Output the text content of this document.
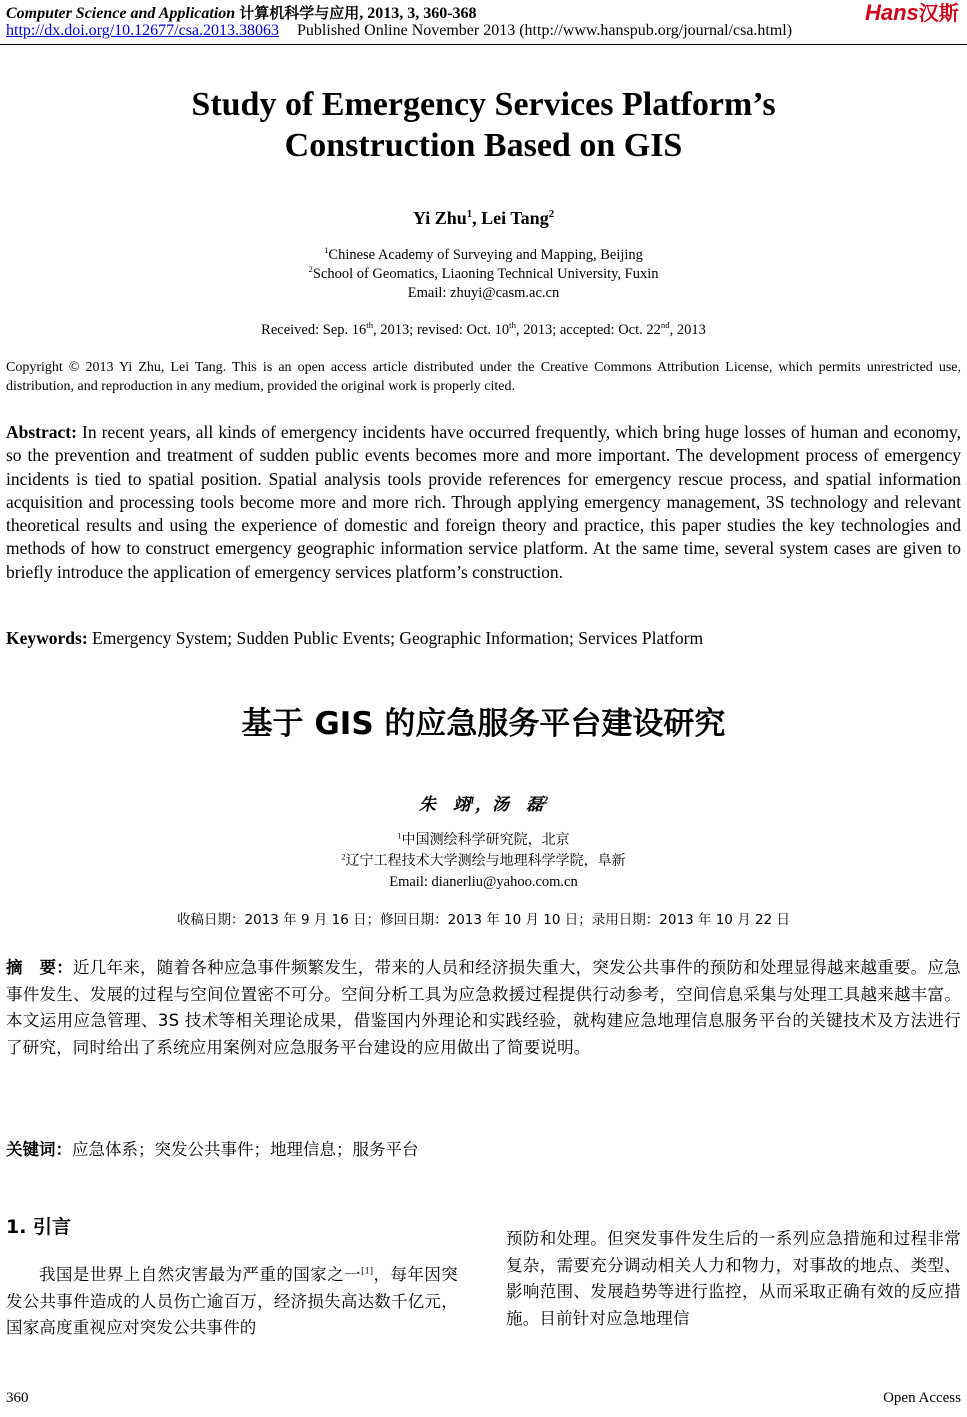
Computer Science and Application 计算机科学与应用, 2013, 3, 360-368	Hans汉斯
http://dx.doi.org/10.12677/csa.2013.38063 Published Online November 2013 (http://www.hanspub.org/journal/csa.html)
Study of Emergency Services Platform’s
Construction Based on GIS
Yi Zhu$^1$, Lei Tang$^2$
$^1$Chinese Academy of Surveying and Mapping, Beijing
$^2$School of Geomatics, Liaoning Technical University, Fuxin
Email: zhuyi@casm.ac.cn
Received: Sep. 16th, 2013; revised: Oct. 10th, 2013; accepted: Oct. 22nd, 2013
Copyright © 2013 Yi Zhu, Lei Tang. This is an open access article distributed under the Creative Commons Attribution License, which permits unrestricted use, distribution, and reproduction in any medium, provided the original work is properly cited.
Abstract: In recent years, all kinds of emergency incidents have occurred frequently, which bring huge losses of human and economy, so the prevention and treatment of sudden public events becomes more and more important. The development process of emergency incidents is tied to spatial position. Spatial analysis tools provide references for emergency rescue process, and spatial information acquisition and processing tools become more and more rich. Through applying emergency management, 3S technology and relevant theoretical results and using the experience of domestic and foreign theory and practice, this paper studies the key technologies and methods of how to construct emergency geographic information service platform. At the same time, several system cases are given to briefly introduce the application of emergency services platform’s construction.
Keywords: Emergency System; Sudden Public Events; Geographic Information; Services Platform
基于 GIS 的应急服务平台建设研究
朱　翊$^1$，汤　磊$^2$
$^1$中国测绘科学研究院，北京
$^2$辽宁工程技术大学测绘与地理科学学院，阜新
Email: dianerliu@yahoo.com.cn
收稿日期：2013 年 9 月 16 日；修回日期：2013 年 10 月 10 日；录用日期：2013 年 10 月 22 日
摘　要：近几年来，随着各种应急事件频繁发生，带来的人员和经济损失重大，突发公共事件的预防和处理显得越来越重要。应急事件发生、发展的过程与空间位置密不可分。空间分析工具为应急救援过程提供行动参考，空间信息采集与处理工具越来越丰富。本文运用应急管理、3S 技术等相关理论成果，借鉴国内外理论和实践经验，就构建应急地理信息服务平台的关键技术及方法进行了研究，同时给出了系统应用案例对应急服务平台建设的应用做出了简要说明。
关键词：应急体系；突发公共事件；地理信息；服务平台
1. 引言
我国是世界上自然灾害最为严重的国家之一[1]，每年因突发公共事件造成的人员伤亡逾百万，经济损失高达数千亿元，国家高度重视应对突发公共事件的
预防和处理。但突发事件发生后的一系列应急措施和过程非常复杂，需要充分调动相关人力和物力，对事故的地点、类型、影响范围、发展趋势等进行监控，从而采取正确有效的反应措施。目前针对应急地理信
360	Open Access
